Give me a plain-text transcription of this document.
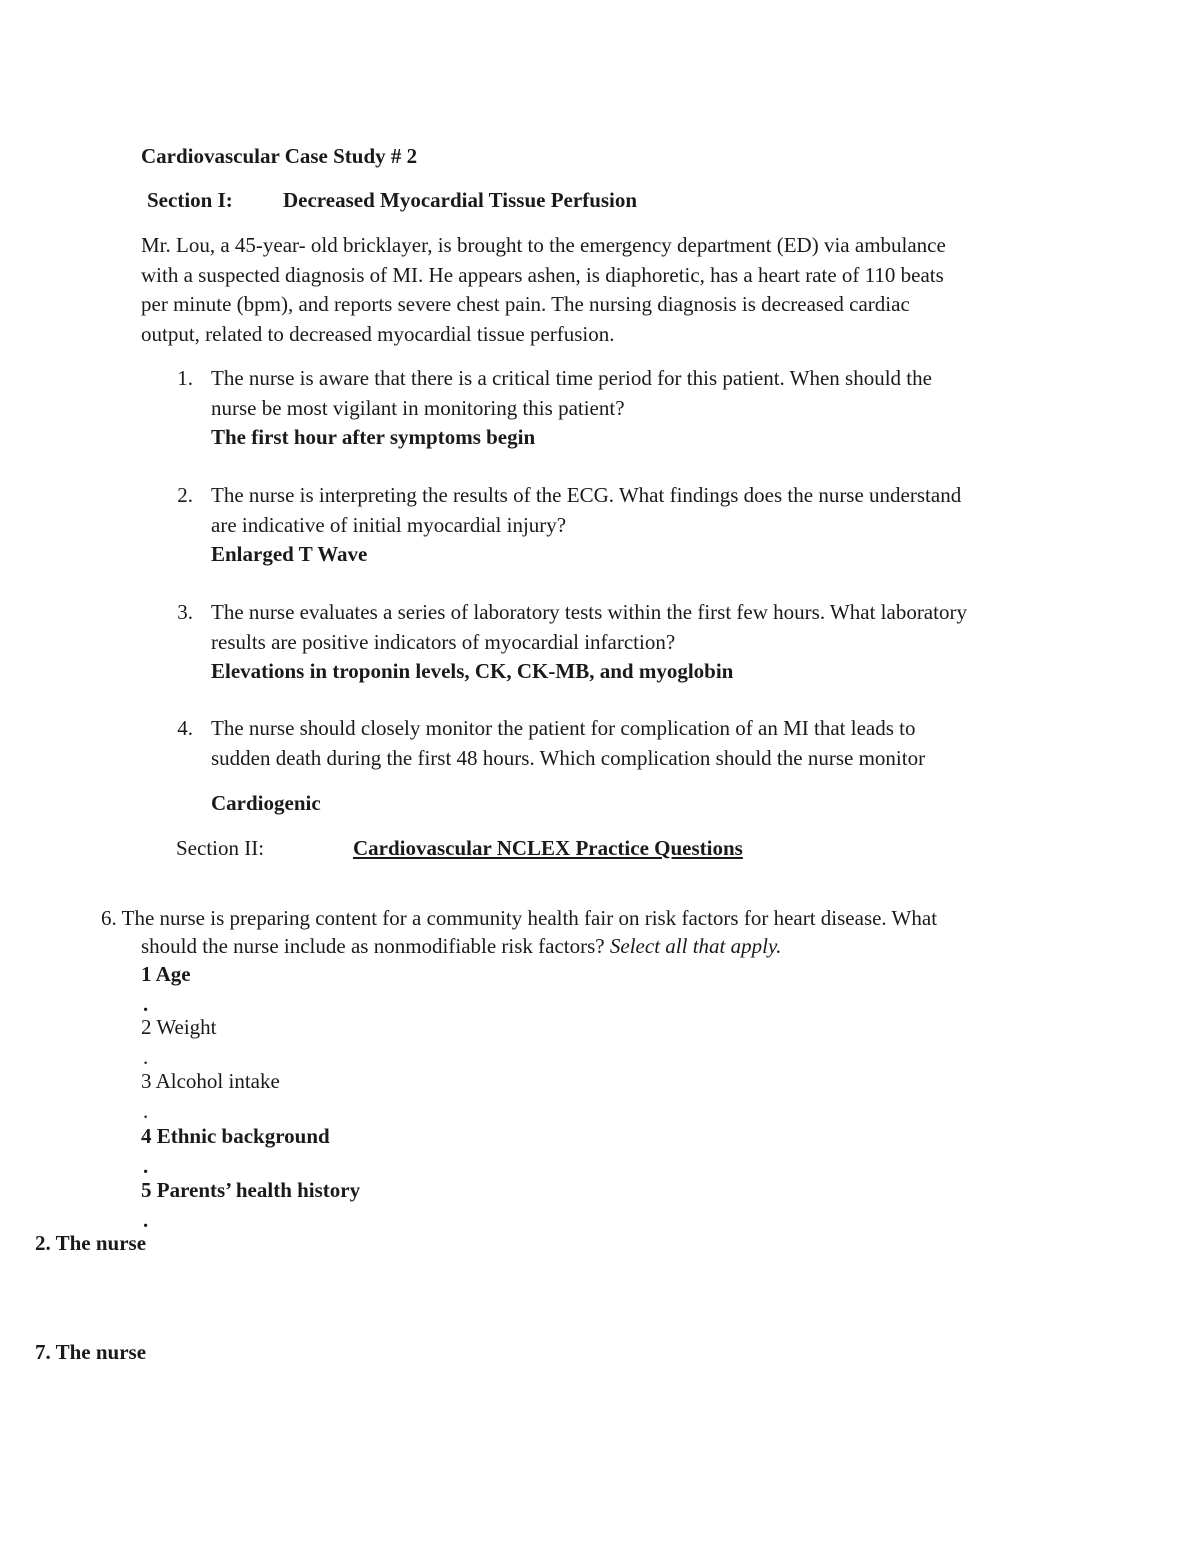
Cardiovascular Case Study # 2
Section I: Decreased Myocardial Tissue Perfusion
Mr. Lou, a 45-year- old bricklayer, is brought to the emergency department (ED) via ambulance
with a suspected diagnosis of MI. He appears ashen, is diaphoretic, has a heart rate of 110 beats
per minute (bpm), and reports severe chest pain. The nursing diagnosis is decreased cardiac
output, related to decreased myocardial tissue perfusion.
1. The nurse is aware that there is a critical time period for this patient. When should the
nurse be most vigilant in monitoring this patient?
The first hour after symptoms begin
2. The nurse is interpreting the results of the ECG. What findings does the nurse understand
are indicative of initial myocardial injury?
Enlarged T Wave
3. The nurse evaluates a series of laboratory tests within the first few hours. What laboratory
results are positive indicators of myocardial infarction?
Elevations in troponin levels, CK, CK-MB, and myoglobin
4. The nurse should closely monitor the patient for complication of an MI that leads to
sudden death during the first 48 hours. Which complication should the nurse monitor
Cardiogenic
Section II:	Cardiovascular NCLEX Practice Questions
6. The nurse is preparing content for a community health fair on risk factors for heart disease. What
should the nurse include as nonmodifiable risk factors? Select all that apply.
1 Age
.
2 Weight
.
3 Alcohol intake
.
4 Ethnic background
.
5 Parents’ health history
.
2. The nurse
7. The nurse
